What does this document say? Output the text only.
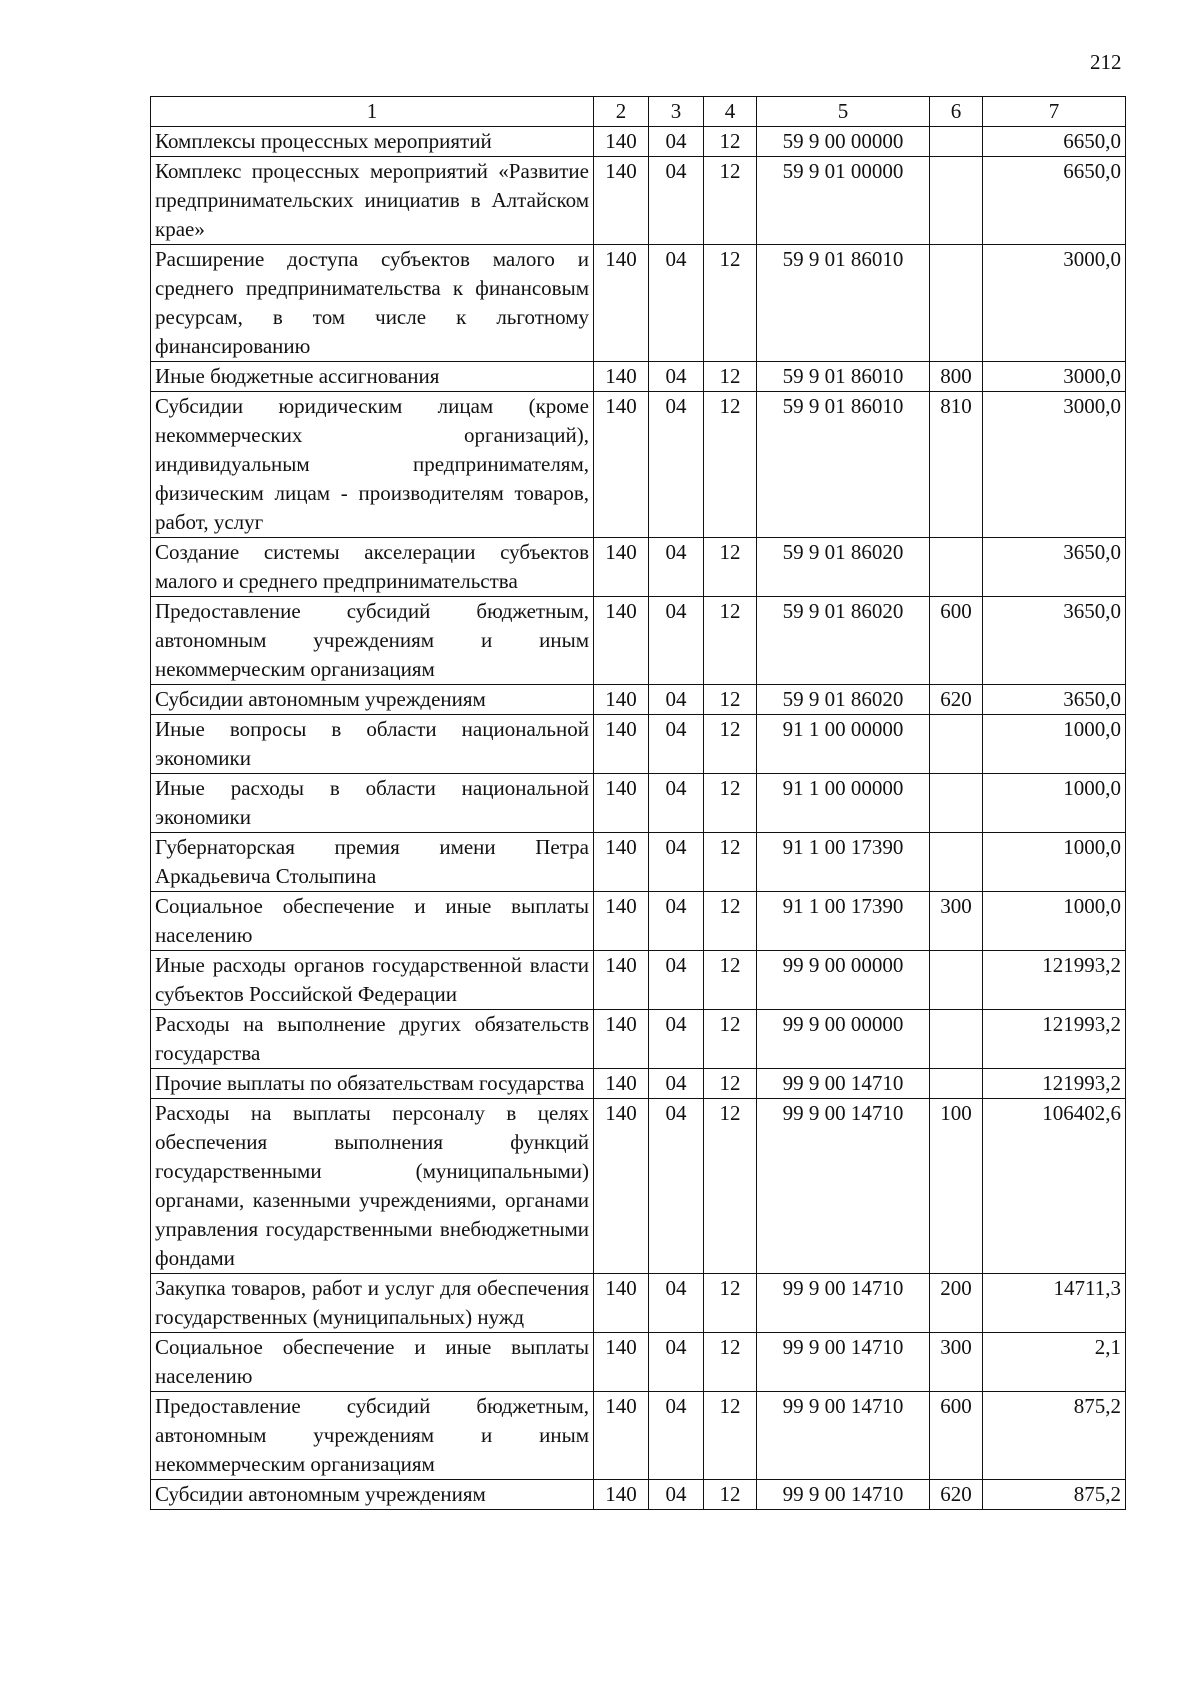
212
1	2	3	4	5	6	7
Комплексы процессных мероприятий	140	04	12	59 9 00 00000		6650,0
Комплекс процессных мероприятий «Развитие предпринимательских инициатив в Алтайском крае»	140	04	12	59 9 01 00000		6650,0
Расширение доступа субъектов малого и среднего предпринимательства к финансовым ресурсам, в том числе к льготному финансированию	140	04	12	59 9 01 86010		3000,0
Иные бюджетные ассигнования	140	04	12	59 9 01 86010	800	3000,0
Субсидии юридическим лицам (кроме некоммерческих организаций), индивидуальным предпринимателям, физическим лицам - производителям товаров, работ, услуг	140	04	12	59 9 01 86010	810	3000,0
Создание системы акселерации субъектов малого и среднего предпринимательства	140	04	12	59 9 01 86020		3650,0
Предоставление субсидий бюджетным, автономным учреждениям и иным некоммерческим организациям	140	04	12	59 9 01 86020	600	3650,0
Субсидии автономным учреждениям	140	04	12	59 9 01 86020	620	3650,0
Иные вопросы в области национальной экономики	140	04	12	91 1 00 00000		1000,0
Иные расходы в области национальной экономики	140	04	12	91 1 00 00000		1000,0
Губернаторская премия имени Петра Аркадьевича Столыпина	140	04	12	91 1 00 17390		1000,0
Социальное обеспечение и иные выплаты населению	140	04	12	91 1 00 17390	300	1000,0
Иные расходы органов государственной власти субъектов Российской Федерации	140	04	12	99 9 00 00000		121993,2
Расходы на выполнение других обязательств государства	140	04	12	99 9 00 00000		121993,2
Прочие выплаты по обязательствам государства	140	04	12	99 9 00 14710		121993,2
Расходы на выплаты персоналу в целях обеспечения выполнения функций государственными (муниципальными) органами, казенными учреждениями, органами управления государственными внебюджетными фондами	140	04	12	99 9 00 14710	100	106402,6
Закупка товаров, работ и услуг для обеспечения государственных (муниципальных) нужд	140	04	12	99 9 00 14710	200	14711,3
Социальное обеспечение и иные выплаты населению	140	04	12	99 9 00 14710	300	2,1
Предоставление субсидий бюджетным, автономным учреждениям и иным некоммерческим организациям	140	04	12	99 9 00 14710	600	875,2
Субсидии автономным учреждениям	140	04	12	99 9 00 14710	620	875,2
